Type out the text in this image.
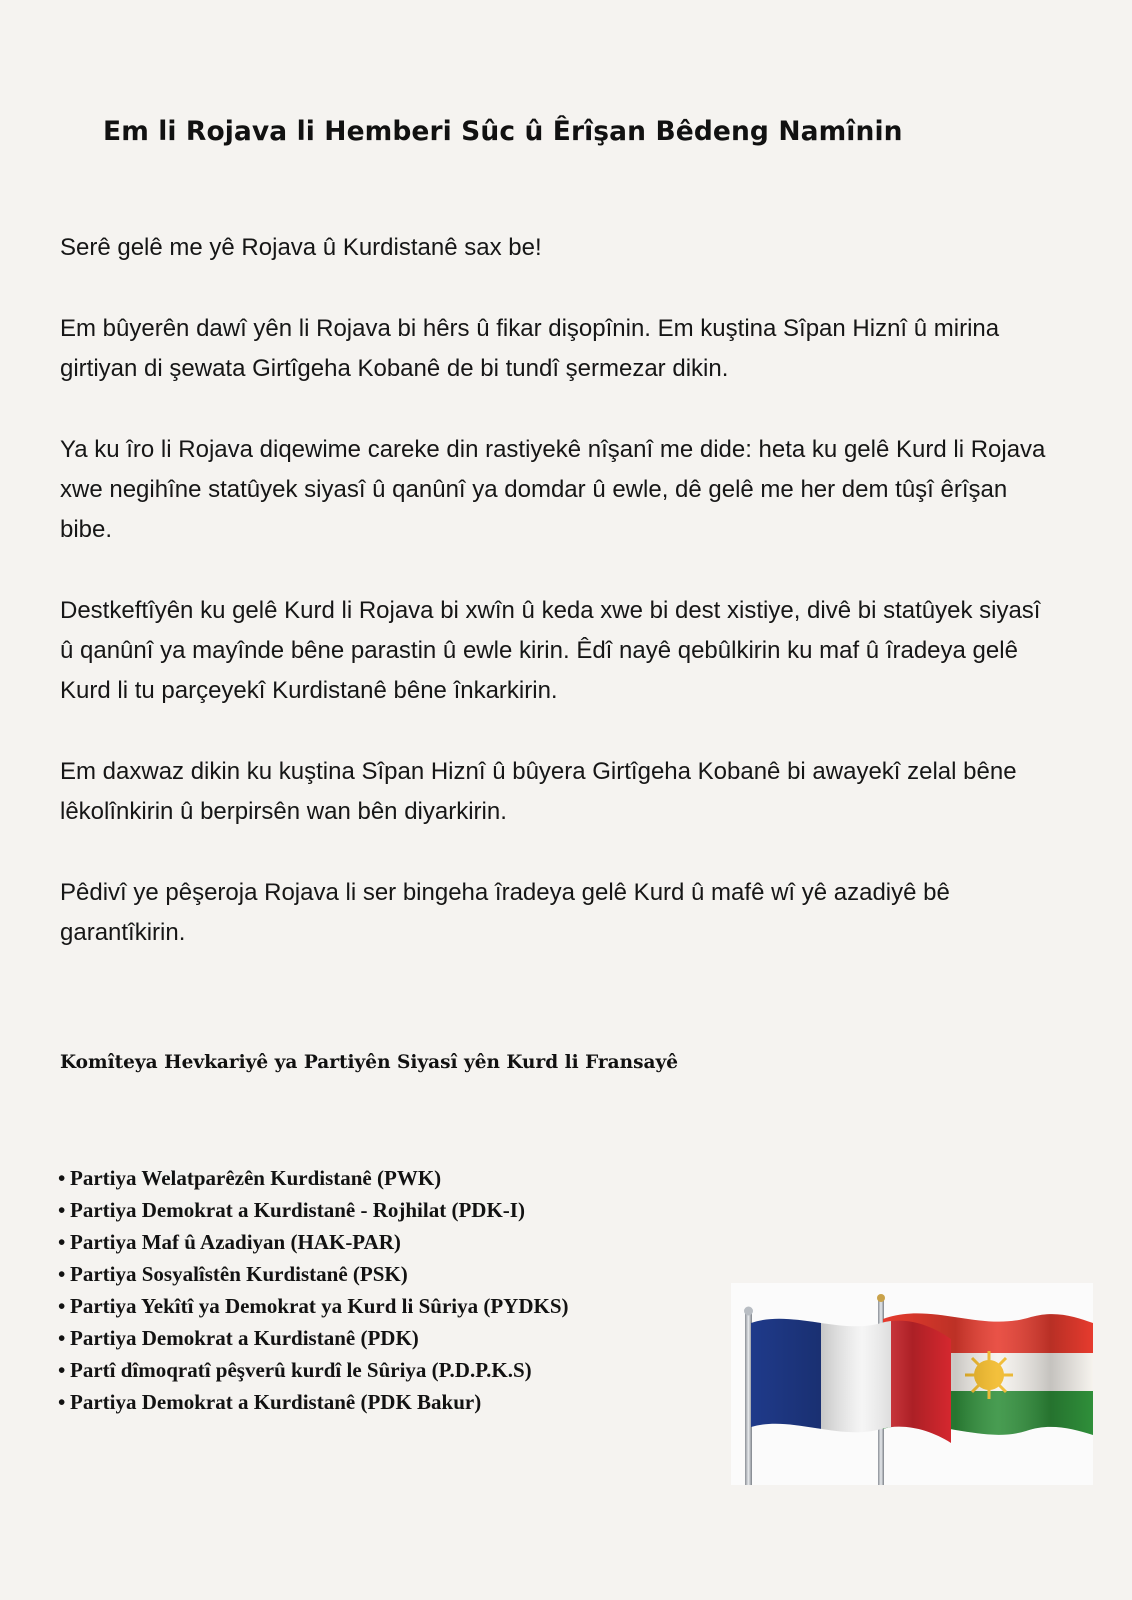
Em li Rojava li Hemberi Sûc û Êrîşan Bêdeng Namînin

Serê gelê me yê Rojava û Kurdistanê sax be!

Em bûyerên dawî yên li Rojava bi hêrs û fikar dişopînin. Em kuştina Sîpan Hiznî û mirina girtiyan di şewata Girtîgeha Kobanê de bi tundî şermezar dikin.

Ya ku îro li Rojava diqewime careke din rastiyekê nîşanî me dide: heta ku gelê Kurd li Rojava xwe negihîne statûyek siyasî û qanûnî ya domdar û ewle, dê gelê me her dem tûşî êrîşan bibe.

Destkeftîyên ku gelê Kurd li Rojava bi xwîn û keda xwe bi dest xistiye, divê bi statûyek siyasî û qanûnî ya mayînde bêne parastin û ewle kirin. Êdî nayê qebûlkirin ku maf û îradeya gelê Kurd li tu parçeyekî Kurdistanê bêne înkarkirin.

Em daxwaz dikin ku kuştina Sîpan Hiznî û bûyera Girtîgeha Kobanê bi awayekî zelal bêne lêkolînkirin û berpirsên wan bên diyarkirin.

Pêdivî ye pêşeroja Rojava li ser bingeha îradeya gelê Kurd û mafê wî yê azadiyê bê garantîkirin.

Komîteya Hevkariyê ya Partiyên Siyasî yên Kurd li Fransayê
• Partiya Welatparêzên Kurdistanê (PWK)
• Partiya Demokrat a Kurdistanê - Rojhilat (PDK-I)
• Partiya Maf û Azadiyan (HAK-PAR)
• Partiya Sosyalîstên Kurdistanê (PSK)
• Partiya Yekîtî ya Demokrat ya Kurd li Sûriya (PYDKS)
• Partiya Demokrat a Kurdistanê (PDK)
• Partî dîmoqratî pêşverû kurdî le Sûriya (P.D.P.K.S)
• Partiya Demokrat a Kurdistanê (PDK Bakur)
